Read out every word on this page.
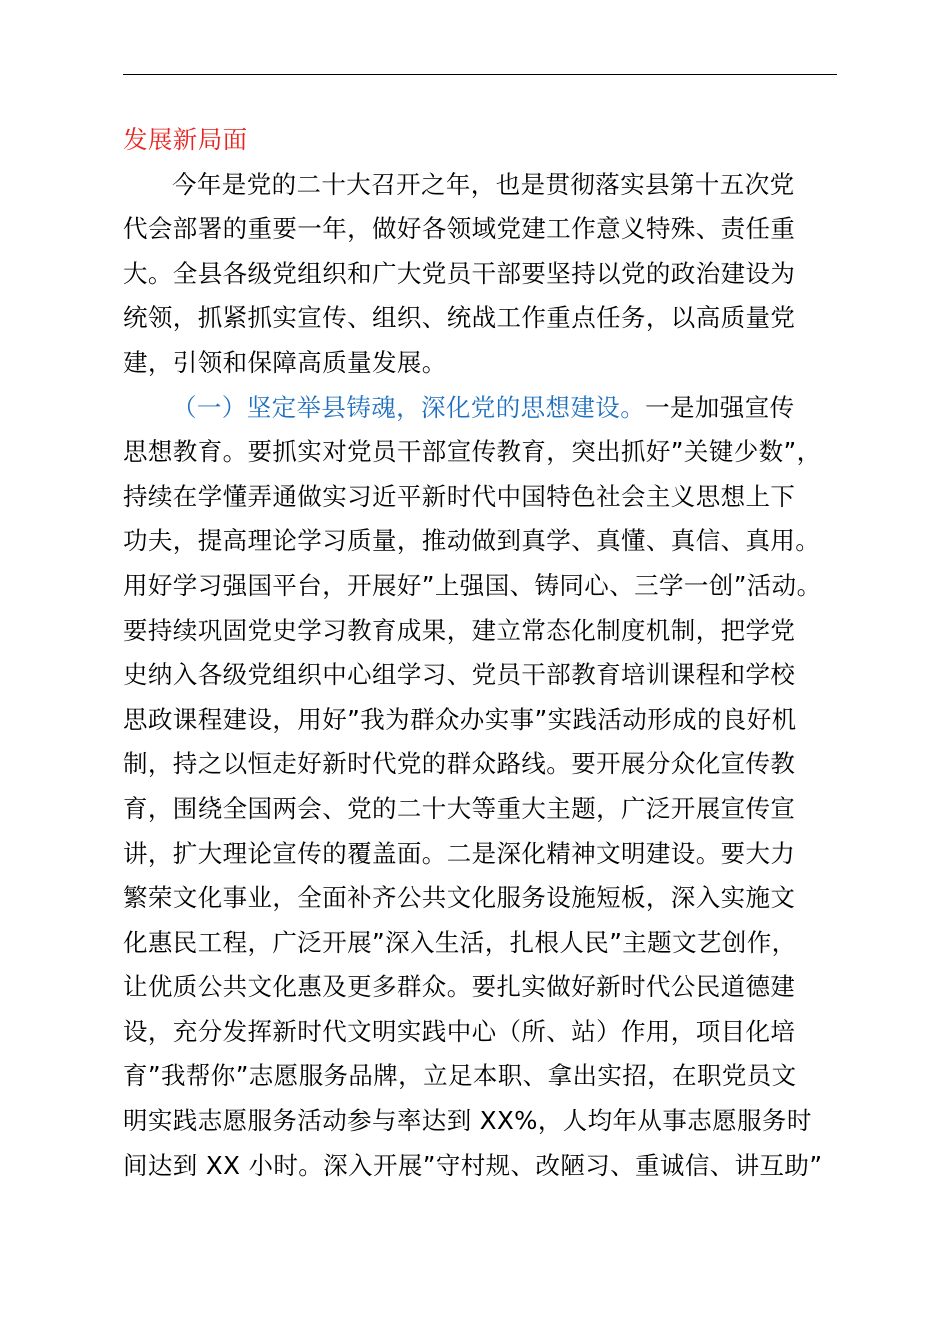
发展新局面
今年是党的二十大召开之年，也是贯彻落实县第十五次党
代会部署的重要一年，做好各领域党建工作意义特殊、责任重
大。全县各级党组织和广大党员干部要坚持以党的政治建设为
统领，抓紧抓实宣传、组织、统战工作重点任务，以高质量党
建，引领和保障高质量发展。
（一）坚定举县铸魂，深化党的思想建设。一是加强宣传
思想教育。要抓实对党员干部宣传教育，突出抓好”关键少数”，
持续在学懂弄通做实习近平新时代中国特色社会主义思想上下
功夫，提高理论学习质量，推动做到真学、真懂、真信、真用。
用好学习强国平台，开展好”上强国、铸同心、三学一创”活动。
要持续巩固党史学习教育成果，建立常态化制度机制，把学党
史纳入各级党组织中心组学习、党员干部教育培训课程和学校
思政课程建设，用好”我为群众办实事”实践活动形成的良好机
制，持之以恒走好新时代党的群众路线。要开展分众化宣传教
育，围绕全国两会、党的二十大等重大主题，广泛开展宣传宣
讲，扩大理论宣传的覆盖面。二是深化精神文明建设。要大力
繁荣文化事业，全面补齐公共文化服务设施短板，深入实施文
化惠民工程，广泛开展”深入生活，扎根人民”主题文艺创作，
让优质公共文化惠及更多群众。要扎实做好新时代公民道德建
设，充分发挥新时代文明实践中心（所、站）作用，项目化培
育”我帮你”志愿服务品牌，立足本职、拿出实招，在职党员文
明实践志愿服务活动参与率达到 XX%，人均年从事志愿服务时
间达到 XX 小时。深入开展”守村规、改陋习、重诚信、讲互助”
